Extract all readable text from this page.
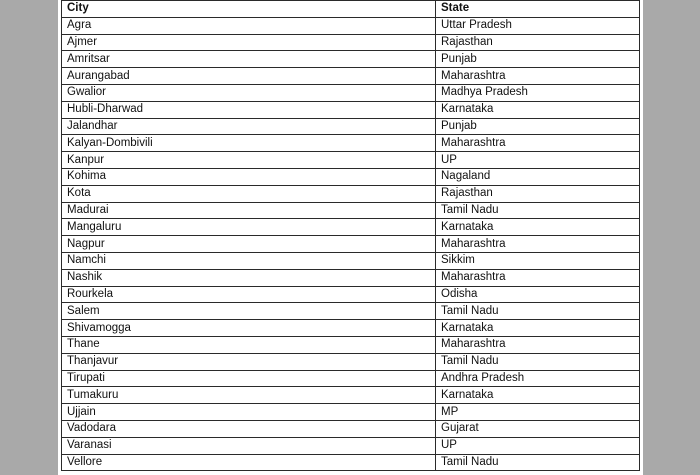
City	State
Agra	Uttar Pradesh
Ajmer	Rajasthan
Amritsar	Punjab
Aurangabad	Maharashtra
Gwalior	Madhya Pradesh
Hubli-Dharwad	Karnataka
Jalandhar	Punjab
Kalyan-Dombivili	Maharashtra
Kanpur	UP
Kohima	Nagaland
Kota	Rajasthan
Madurai	Tamil Nadu
Mangaluru	Karnataka
Nagpur	Maharashtra
Namchi	Sikkim
Nashik	Maharashtra
Rourkela	Odisha
Salem	Tamil Nadu
Shivamogga	Karnataka
Thane	Maharashtra
Thanjavur	Tamil Nadu
Tirupati	Andhra Pradesh
Tumakuru	Karnataka
Ujjain	MP
Vadodara	Gujarat
Varanasi	UP
Vellore	Tamil Nadu
